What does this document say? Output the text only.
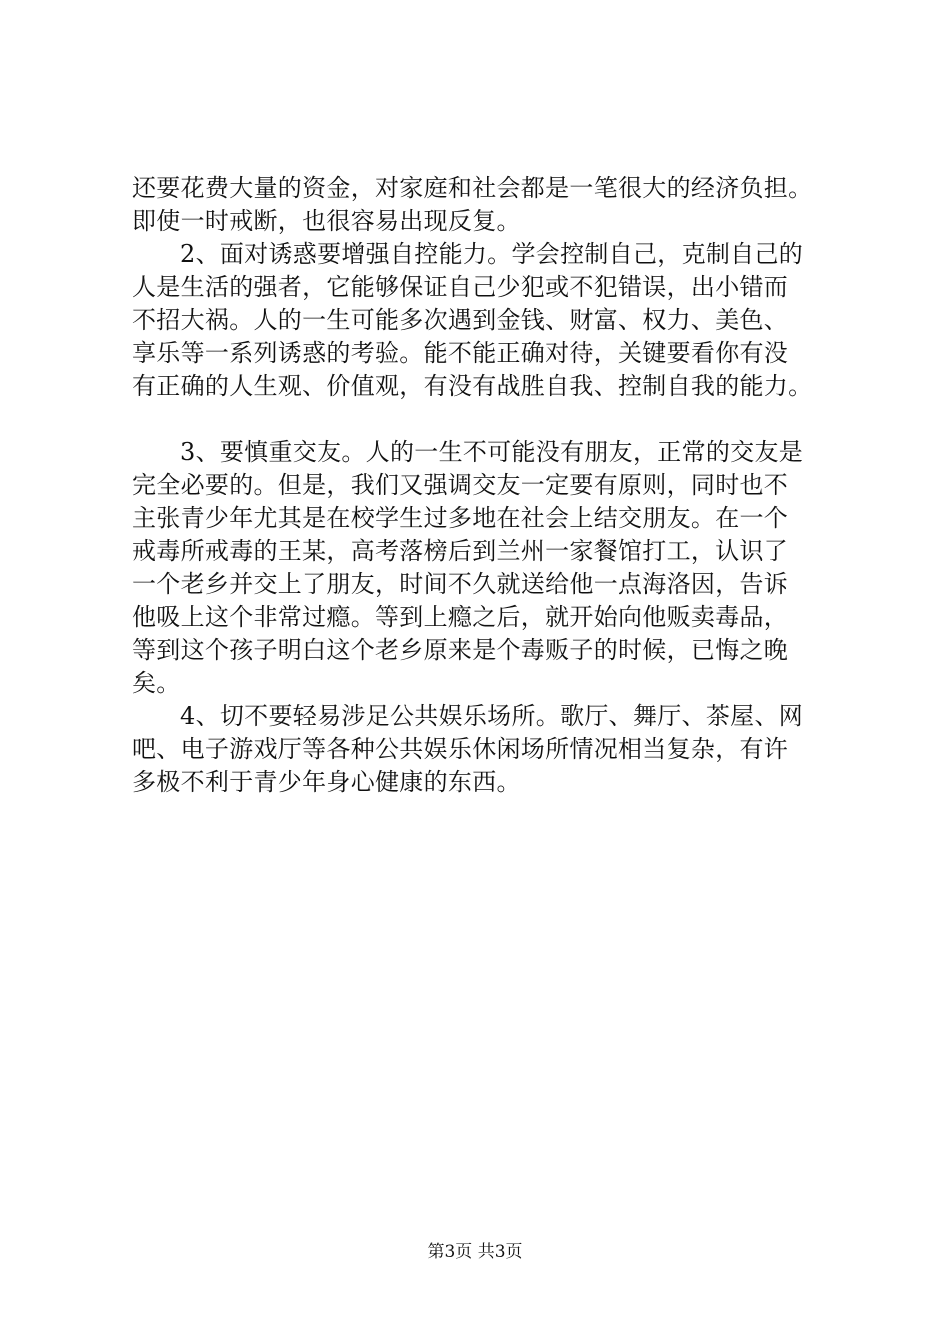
还要花费大量的资金，对家庭和社会都是一笔很大的经济负担。
即使一时戒断，也很容易出现反复。
2、面对诱惑要增强自控能力。学会控制自己，克制自己的
人是生活的强者，它能够保证自己少犯或不犯错误，出小错而
不招大祸。人的一生可能多次遇到金钱、财富、权力、美色、
享乐等一系列诱惑的考验。能不能正确对待，关键要看你有没
有正确的人生观、价值观，有没有战胜自我、控制自我的能力。
3、要慎重交友。人的一生不可能没有朋友，正常的交友是
完全必要的。但是，我们又强调交友一定要有原则，同时也不
主张青少年尤其是在校学生过多地在社会上结交朋友。在一个
戒毒所戒毒的王某，高考落榜后到兰州一家餐馆打工，认识了
一个老乡并交上了朋友，时间不久就送给他一点海洛因，告诉
他吸上这个非常过瘾。等到上瘾之后，就开始向他贩卖毒品，
等到这个孩子明白这个老乡原来是个毒贩子的时候，已悔之晚
矣。
4、切不要轻易涉足公共娱乐场所。歌厅、舞厅、茶屋、网
吧、电子游戏厅等各种公共娱乐休闲场所情况相当复杂，有许
多极不利于青少年身心健康的东西。
第3页 共3页
